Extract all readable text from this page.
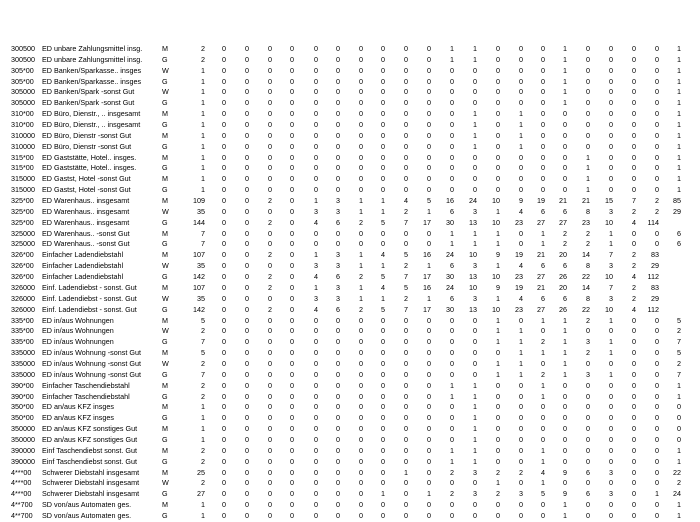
300500 ED unbare Zahlungsmittel insg.	M	2	0	0	0	0	0	0	0	0	0	0	1	1	0	0	0	1	0	0	0	0	1
300500 ED unbare Zahlungsmittel insg.	G	2	0	0	0	0	0	0	0	0	0	0	1	1	0	0	0	1	0	0	0	0	1
305*00 ED Banken/Sparkasse.. insges	W	1	0	0	0	0	0	0	0	0	0	0	0	0	0	0	0	1	0	0	0	0	1
305*00 ED Banken/Sparkasse.. insges	G	1	0	0	0	0	0	0	0	0	0	0	0	0	0	0	0	1	0	0	0	0	1
305000 ED Banken/Spark -sonst Gut	W	1	0	0	0	0	0	0	0	0	0	0	0	0	0	0	0	1	0	0	0	0	1
305000 ED Banken/Spark -sonst Gut	G	1	0	0	0	0	0	0	0	0	0	0	0	0	0	0	0	1	0	0	0	0	1
310*00 ED Büro, Dienstr., .. insgesamt	M	1	0	0	0	0	0	0	0	0	0	0	0	1	0	1	0	0	0	0	0	0	1
310*00 ED Büro, Dienstr., .. insgesamt	G	1	0	0	0	0	0	0	0	0	0	0	0	1	0	1	0	0	0	0	0	0	1
310000 ED Büro, Dienstr -sonst Gut	M	1	0	0	0	0	0	0	0	0	0	0	0	1	0	1	0	0	0	0	0	0	1
310000 ED Büro, Dienstr -sonst Gut	G	1	0	0	0	0	0	0	0	0	0	0	0	1	0	1	0	0	0	0	0	0	1
315*00 ED Gaststätte, Hotel.. insges.	M	1	0	0	0	0	0	0	0	0	0	0	0	0	0	0	0	0	1	0	0	0	1
315*00 ED Gaststätte, Hotel.. insges.	G	1	0	0	0	0	0	0	0	0	0	0	0	0	0	0	0	0	1	0	0	0	1
315000 ED Gastst, Hotel -sonst Gut	M	1	0	0	0	0	0	0	0	0	0	0	0	0	0	0	0	0	1	0	0	0	1
315000 ED Gastst, Hotel -sonst Gut	G	1	0	0	0	0	0	0	0	0	0	0	0	0	0	0	0	0	1	0	0	0	1
325*00 ED Warenhaus.. insgesamt	M	109	0	0	2	0	1	3	1	1	4	5	16	24	10	9	19	21	21	15	7	2	85
325*00 ED Warenhaus.. insgesamt	W	35	0	0	0	0	3	3	1	1	2	1	6	3	1	4	6	6	8	3	2	2	29
325*00 ED Warenhaus.. insgesamt	G	144	0	0	2	0	4	6	2	5	7	17	30	13	10	23	27	27	23	10	4	114
325000 ED Warenhaus.. -sonst Gut	M	7	0	0	0	0	0	0	0	0	0	0	1	1	1	0	1	2	2	1	0	0	6
325000 ED Warenhaus.. -sonst Gut	G	7	0	0	0	0	0	0	0	0	0	0	1	1	1	0	1	2	2	1	0	0	6
326*00 Einfacher Ladendiebstahl	M	107	0	0	2	0	1	3	1	4	5	16	24	10	9	19	21	20	14	7	2	83
326*00 Einfacher Ladendiebstahl	W	35	0	0	0	0	3	3	1	1	2	1	6	3	1	4	6	6	8	3	2	29
326*00 Einfacher Ladendiebstahl	G	142	0	0	2	0	4	6	2	5	7	17	30	13	10	23	27	26	22	10	4	112
326000 Einf. Ladendiebst - sonst. Gut	M	107	0	0	2	0	1	3	1	4	5	16	24	10	9	19	21	20	14	7	2	83
326000 Einf. Ladendiebst - sonst. Gut	W	35	0	0	0	0	3	3	1	1	2	1	6	3	1	4	6	6	8	3	2	29
326000 Einf. Ladendiebst - sonst. Gut	G	142	0	0	2	0	4	6	2	5	7	17	30	13	10	23	27	26	22	10	4	112
335*00 ED in/aus Wohnungen	M	5	0	0	0	0	0	0	0	0	0	0	0	0	1	0	1	1	2	1	0	0	5
335*00 ED in/aus Wohnungen	W	2	0	0	0	0	0	0	0	0	0	0	0	0	1	1	0	1	0	0	0	0	2
335*00 ED in/aus Wohnungen	G	7	0	0	0	0	0	0	0	0	0	0	0	0	1	1	2	1	3	1	0	0	7
335000 ED in/aus Wohnung -sonst Gut	M	5	0	0	0	0	0	0	0	0	0	0	0	0	0	1	1	1	2	1	0	0	5
335000 ED in/aus Wohnung -sonst Gut	W	2	0	0	0	0	0	0	0	0	0	0	0	0	1	1	0	1	0	0	0	0	2
335000 ED in/aus Wohnung -sonst Gut	G	7	0	0	0	0	0	0	0	0	0	0	0	0	1	1	2	1	3	1	0	0	7
390*00 Einfacher Taschendiebstahl	M	2	0	0	0	0	0	0	0	0	0	0	1	1	0	0	1	0	0	0	0	0	1
390*00 Einfacher Taschendiebstahl	G	2	0	0	0	0	0	0	0	0	0	0	1	1	0	0	1	0	0	0	0	0	1
350*00 ED an/aus KFZ insges	M	1	0	0	0	0	0	0	0	0	0	0	0	1	0	0	0	0	0	0	0	0	0
350*00 ED an/aus KFZ insges	G	1	0	0	0	0	0	0	0	0	0	0	0	1	0	0	0	0	0	0	0	0	0
350000 ED an/aus KFZ sonstiges Gut	M	1	0	0	0	0	0	0	0	0	0	0	0	1	0	0	0	0	0	0	0	0	0
350000 ED an/aus KFZ sonstiges Gut	G	1	0	0	0	0	0	0	0	0	0	0	0	1	0	0	0	0	0	0	0	0	0
390000 Einf Taschendiebst sonst. Gut	M	2	0	0	0	0	0	0	0	0	0	0	1	1	0	0	1	0	0	0	0	0	1
390000 Einf Taschendiebst sonst. Gut	G	2	0	0	0	0	0	0	0	0	0	0	1	1	0	0	1	0	0	0	0	0	1
4***00 Schwerer Diebstahl insgesamt	M	25	0	0	0	0	0	0	0	0	1	0	2	3	2	2	4	9	6	3	0	0	22
4***00 Schwerer Diebstahl insgesamt	W	2	0	0	0	0	0	0	0	0	0	0	0	0	1	0	1	0	0	0	0	0	2
4***00 Schwerer Diebstahl insgesamt	G	27	0	0	0	0	0	0	0	1	0	1	2	3	2	3	5	9	6	3	0	1	24
4**700 SD von/aus Automaten ges.	M	1	0	0	0	0	0	0	0	0	0	0	0	0	0	0	0	1	0	0	0	0	1
4**700 SD von/aus Automaten ges.	G	1	0	0	0	0	0	0	0	0	0	0	0	0	0	0	0	1	0	0	0	0	1
